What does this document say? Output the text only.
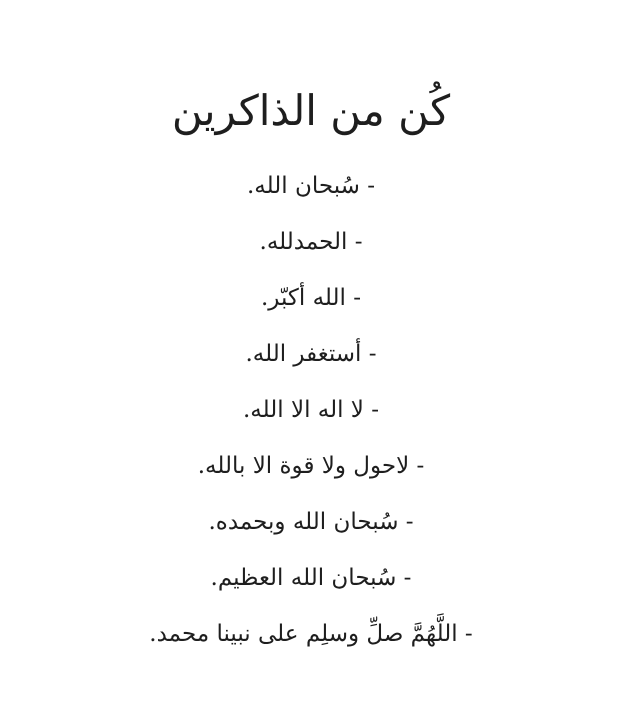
كُن من الذاكرين
- سُبحان الله.
- الحمدلله.
- الله أكبّر.
- أستغفر الله.
- لا اله الا الله.
- لاحول ولا قوة الا بالله.
- سُبحان الله وبحمده.
- سُبحان الله العظيم.
- اللَّهُمَّ صلِّ وسلِم على نبينا محمد.
